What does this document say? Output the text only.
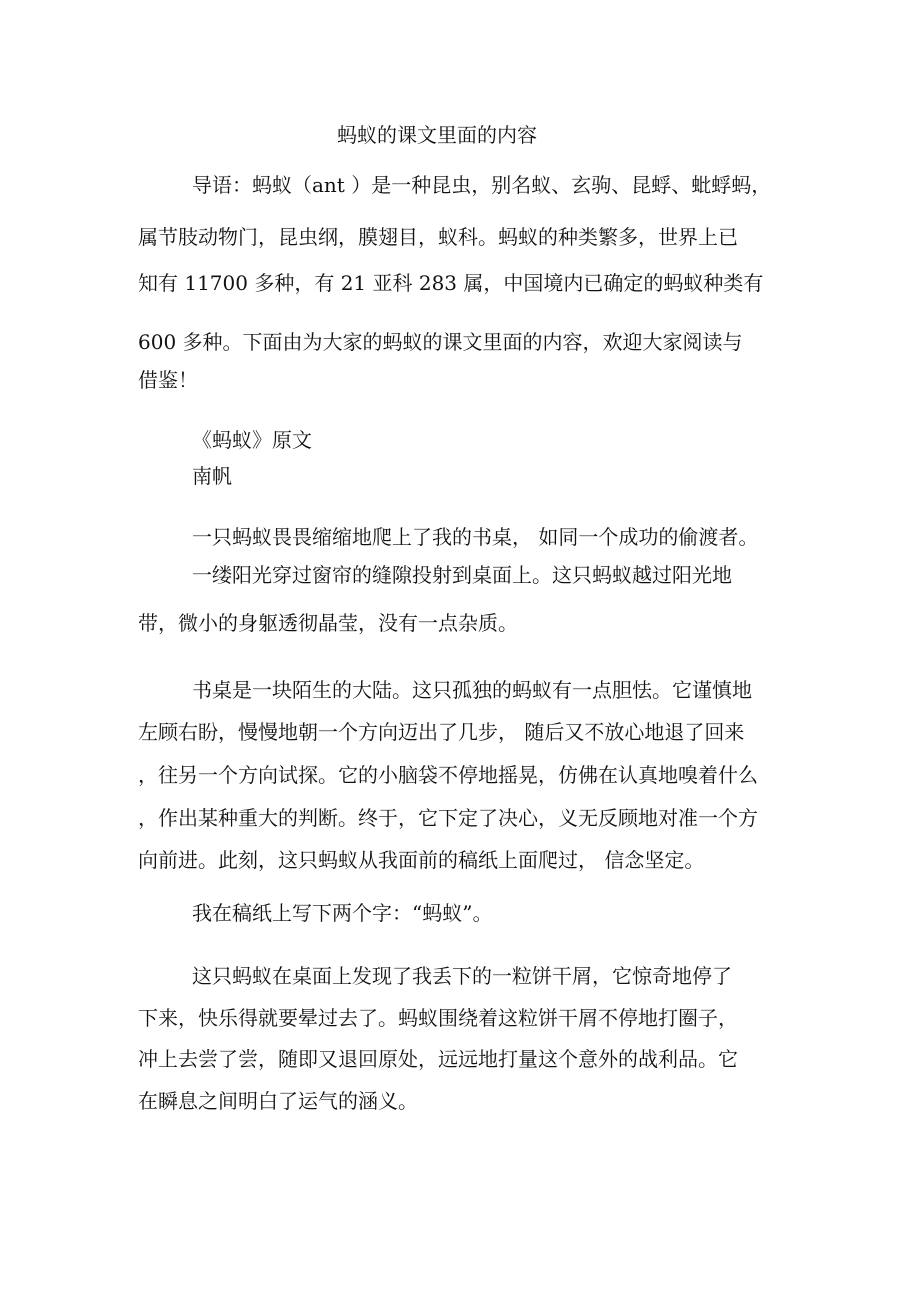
蚂蚁的课文里面的内容

导语：蚂蚁（ant ）是一种昆虫，别名蚁、玄驹、昆蜉、蚍蜉蚂，

属节肢动物门，昆虫纲，膜翅目，蚁科。蚂蚁的种类繁多，世界上已

知有 11700 多种，有 21 亚科 283 属，中国境内已确定的蚂蚁种类有

600 多种。下面由为大家的蚂蚁的课文里面的内容，欢迎大家阅读与

借鉴！

《蚂蚁》原文

南帆

一只蚂蚁畏畏缩缩地爬上了我的书桌， 如同一个成功的偷渡者。

一缕阳光穿过窗帘的缝隙投射到桌面上。这只蚂蚁越过阳光地

带，微小的身躯透彻晶莹，没有一点杂质。

书桌是一块陌生的大陆。这只孤独的蚂蚁有一点胆怯。它谨慎地

左顾右盼，慢慢地朝一个方向迈出了几步， 随后又不放心地退了回来

，往另一个方向试探。它的小脑袋不停地摇晃，仿佛在认真地嗅着什么

，作出某种重大的判断。终于，它下定了决心，义无反顾地对准一个方

向前进。此刻，这只蚂蚁从我面前的稿纸上面爬过， 信念坚定。

我在稿纸上写下两个字：“蚂蚁”。

这只蚂蚁在桌面上发现了我丢下的一粒饼干屑，它惊奇地停了

下来，快乐得就要晕过去了。蚂蚁围绕着这粒饼干屑不停地打圈子，

冲上去尝了尝，随即又退回原处，远远地打量这个意外的战利品。它

在瞬息之间明白了运气的涵义。
